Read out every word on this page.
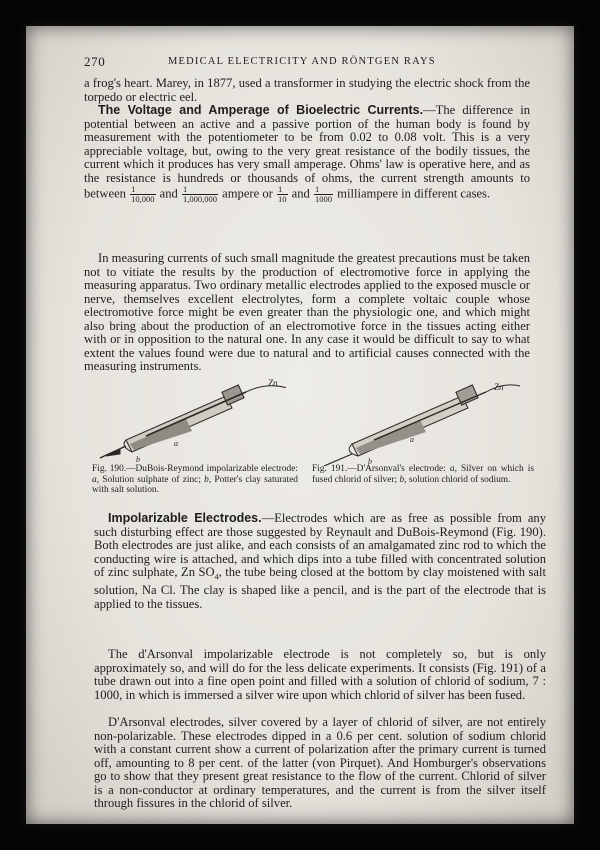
270	MEDICAL ELECTRICITY AND RÖNTGEN RAYS
a frog's heart. Marey, in 1877, used a transformer in studying the electric shock from the torpedo or electric eel.
The Voltage and Amperage of Bioelectric Currents.—The difference in potential between an active and a passive portion of the human body is found by measurement with the potentiometer to be from 0.02 to 0.08 volt. This is a very appreciable voltage, but, owing to the very great resistance of the bodily tissues, the current which it produces has very small amperage. Ohms' law is operative here, and as the resistance is hundreds or thousands of ohms, the current strength amounts to between $\frac{1}{10,000}$ and $\frac{1}{1,000,000}$ ampere or $\frac{1}{10}$ and $\frac{1}{1000}$ milliampere in different cases.
In measuring currents of such small magnitude the greatest precautions must be taken not to vitiate the results by the production of electromotive force in applying the measuring apparatus. Two ordinary metallic electrodes applied to the exposed muscle or nerve, themselves excellent electrolytes, form a complete voltaic couple whose electromotive force might be even greater than the physiologic one, and which might also bring about the production of an electromotive force in the tissues acting either with or in opposition to the natural one. In any case it would be difficult to say to what extent the values found were due to natural and to artificial causes connected with the measuring instruments.
Zn
a
b
Zn
a
b
Fig. 190.—DuBois-Reymond impolarizable electrode: a, Solution sulphate of zinc; b, Potter's clay saturated with salt solution.
Fig. 191.—D'Arsonval's electrode: a, Silver on which is fused chlorid of silver; b, solution chlorid of sodium.
Impolarizable Electrodes.—Electrodes which are as free as possible from any such disturbing effect are those suggested by Reynault and DuBois-Reymond (Fig. 190). Both electrodes are just alike, and each consists of an amalgamated zinc rod to which the conducting wire is attached, and which dips into a tube filled with concentrated solution of zinc sulphate, Zn $SO_4$, the tube being closed at the bottom by clay moistened with salt solution, Na Cl. The clay is shaped like a pencil, and is the part of the electrode that is applied to the tissues.
The d'Arsonval impolarizable electrode is not completely so, but is only approximately so, and will do for the less delicate experiments. It consists (Fig. 191) of a tube drawn out into a fine open point and filled with a solution of chlorid of sodium, 7 : 1000, in which is immersed a silver wire upon which chlorid of silver has been fused.
D'Arsonval electrodes, silver covered by a layer of chlorid of silver, are not entirely non-polarizable. These electrodes dipped in a 0.6 per cent. solution of sodium chlorid with a constant current show a current of polarization after the primary current is turned off, amounting to 8 per cent. of the latter (von Pirquet). And Homburger's observations go to show that they present great resistance to the flow of the current. Chlorid of silver is a non-conductor at ordinary temperatures, and the current is from the silver itself through fissures in the chlorid of silver.
